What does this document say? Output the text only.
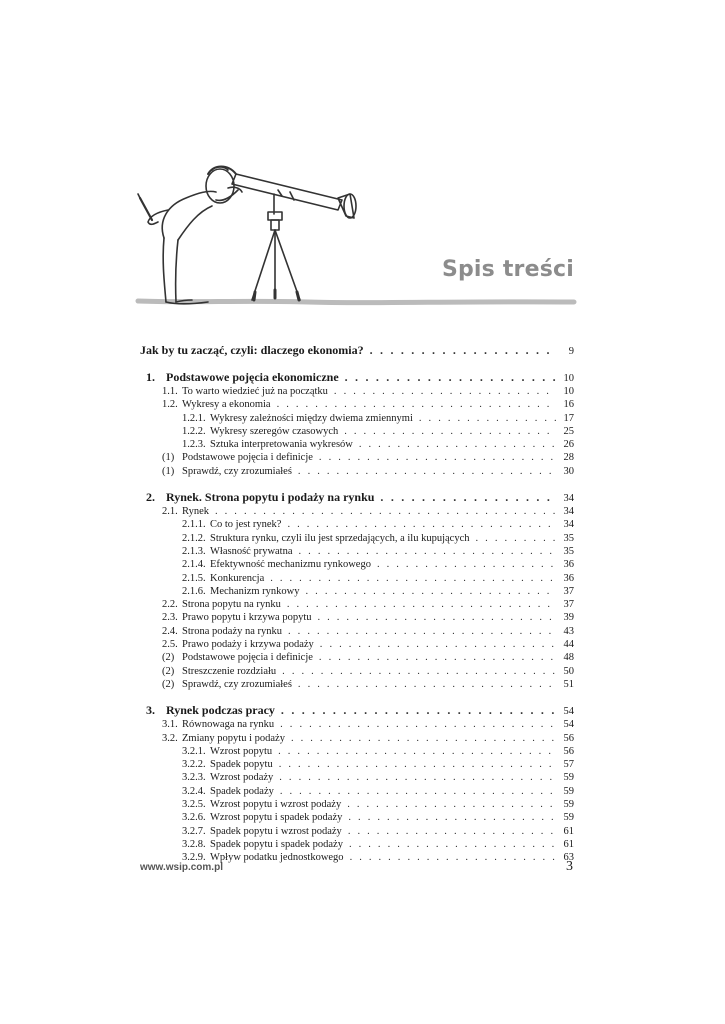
Spis treści
Jak by tu zacząć, czyli: dlaczego ekonomia? . . .	9
1. Podstawowe pojęcia ekonomiczne . . .	10
1.1. To warto wiedzieć już na początku . . .	10
1.2. Wykresy a ekonomia . . .	16
1.2.1. Wykresy zależności między dwiema zmiennymi . . .	17
1.2.2. Wykresy szeregów czasowych . . .	25
1.2.3. Sztuka interpretowania wykresów . . .	26
(1) Podstawowe pojęcia i definicje . . .	28
(1) Sprawdź, czy zrozumiałeś . . .	30
2. Rynek. Strona popytu i podaży na rynku . . .	34
2.1. Rynek . . .	34
2.1.1. Co to jest rynek? . . .	34
2.1.2. Struktura rynku, czyli ilu jest sprzedających, a ilu kupujących . . .	35
2.1.3. Własność prywatna . . .	35
2.1.4. Efektywność mechanizmu rynkowego . . .	36
2.1.5. Konkurencja . . .	36
2.1.6. Mechanizm rynkowy . . .	37
2.2. Strona popytu na rynku . . .	37
2.3. Prawo popytu i krzywa popytu . . .	39
2.4. Strona podaży na rynku . . .	43
2.5. Prawo podaży i krzywa podaży . . .	44
(2) Podstawowe pojęcia i definicje . . .	48
(2) Streszczenie rozdziału . . .	50
(2) Sprawdź, czy zrozumiałeś . . .	51
3. Rynek podczas pracy . . .	54
3.1. Równowaga na rynku . . .	54
3.2. Zmiany popytu i podaży . . .	56
3.2.1. Wzrost popytu . . .	56
3.2.2. Spadek popytu . . .	57
3.2.3. Wzrost podaży . . .	59
3.2.4. Spadek podaży . . .	59
3.2.5. Wzrost popytu i wzrost podaży . . .	59
3.2.6. Wzrost popytu i spadek podaży . . .	59
3.2.7. Spadek popytu i wzrost podaży . . .	61
3.2.8. Spadek popytu i spadek podaży . . .	61
3.2.9. Wpływ podatku jednostkowego . . .	63
www.wsip.com.pl	3
